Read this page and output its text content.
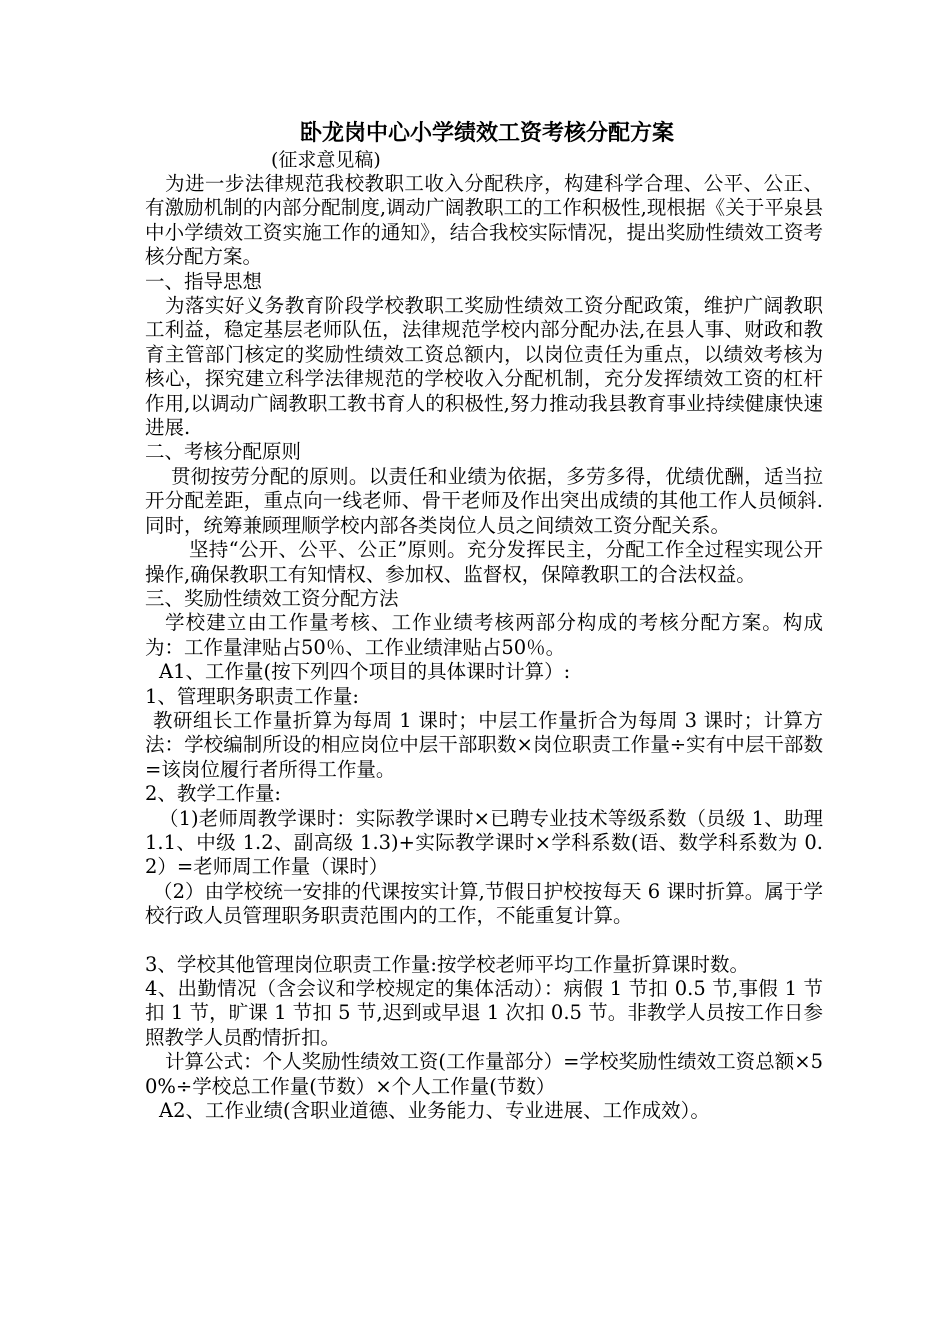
卧龙岗中心小学绩效工资考核分配方案
(征求意见稿)

为进一步法律规范我校教职工收入分配秩序，构建科学合理、公平、公正、有激励机制的内部分配制度,调动广阔教职工的工作积极性,现根据《关于平泉县中小学绩效工资实施工作的通知》，结合我校实际情况，提出奖励性绩效工资考核分配方案。

一、指导思想

为落实好义务教育阶段学校教职工奖励性绩效工资分配政策，维护广阔教职工利益，稳定基层老师队伍，法律规范学校内部分配办法,在县人事、财政和教育主管部门核定的奖励性绩效工资总额内，以岗位责任为重点，以绩效考核为核心，探究建立科学法律规范的学校收入分配机制，充分发挥绩效工资的杠杆作用,以调动广阔教职工教书育人的积极性,努力推动我县教育事业持续健康快速进展.

二、考核分配原则

贯彻按劳分配的原则。以责任和业绩为依据，多劳多得，优绩优酬，适当拉开分配差距，重点向一线老师、骨干老师及作出突出成绩的其他工作人员倾斜.同时，统筹兼顾理顺学校内部各类岗位人员之间绩效工资分配关系。

坚持“公开、公平、公正”原则。充分发挥民主，分配工作全过程实现公开操作,确保教职工有知情权、参加权、监督权，保障教职工的合法权益。

三、奖励性绩效工资分配方法

学校建立由工作量考核、工作业绩考核两部分构成的考核分配方案。构成为：工作量津贴占50％、工作业绩津贴占50％。

A1、工作量(按下列四个项目的具体课时计算）:

1、管理职务职责工作量:

教研组长工作量折算为每周 1 课时；中层工作量折合为每周 3 课时；计算方法：学校编制所设的相应岗位中层干部职数×岗位职责工作量÷实有中层干部数=该岗位履行者所得工作量。

2、教学工作量:

（1)老师周教学课时：实际教学课时×已聘专业技术等级系数（员级 1、助理 1.1、中级 1.2、副高级 1.3)+实际教学课时×学科系数(语、数学科系数为 0.2）=老师周工作量（课时）

（2）由学校统一安排的代课按实计算,节假日护校按每天 6 课时折算。属于学校行政人员管理职务职责范围内的工作，不能重复计算。

3、学校其他管理岗位职责工作量:按学校老师平均工作量折算课时数。

4、出勤情况（含会议和学校规定的集体活动）：病假 1 节扣 0.5 节,事假 1 节扣 1 节，旷课 1 节扣 5 节,迟到或早退 1 次扣 0.5 节。非教学人员按工作日参照教学人员酌情折扣。

计算公式：个人奖励性绩效工资(工作量部分）=学校奖励性绩效工资总额×50%÷学校总工作量(节数）×个人工作量(节数）

A2、工作业绩(含职业道德、业务能力、专业进展、工作成效）。
